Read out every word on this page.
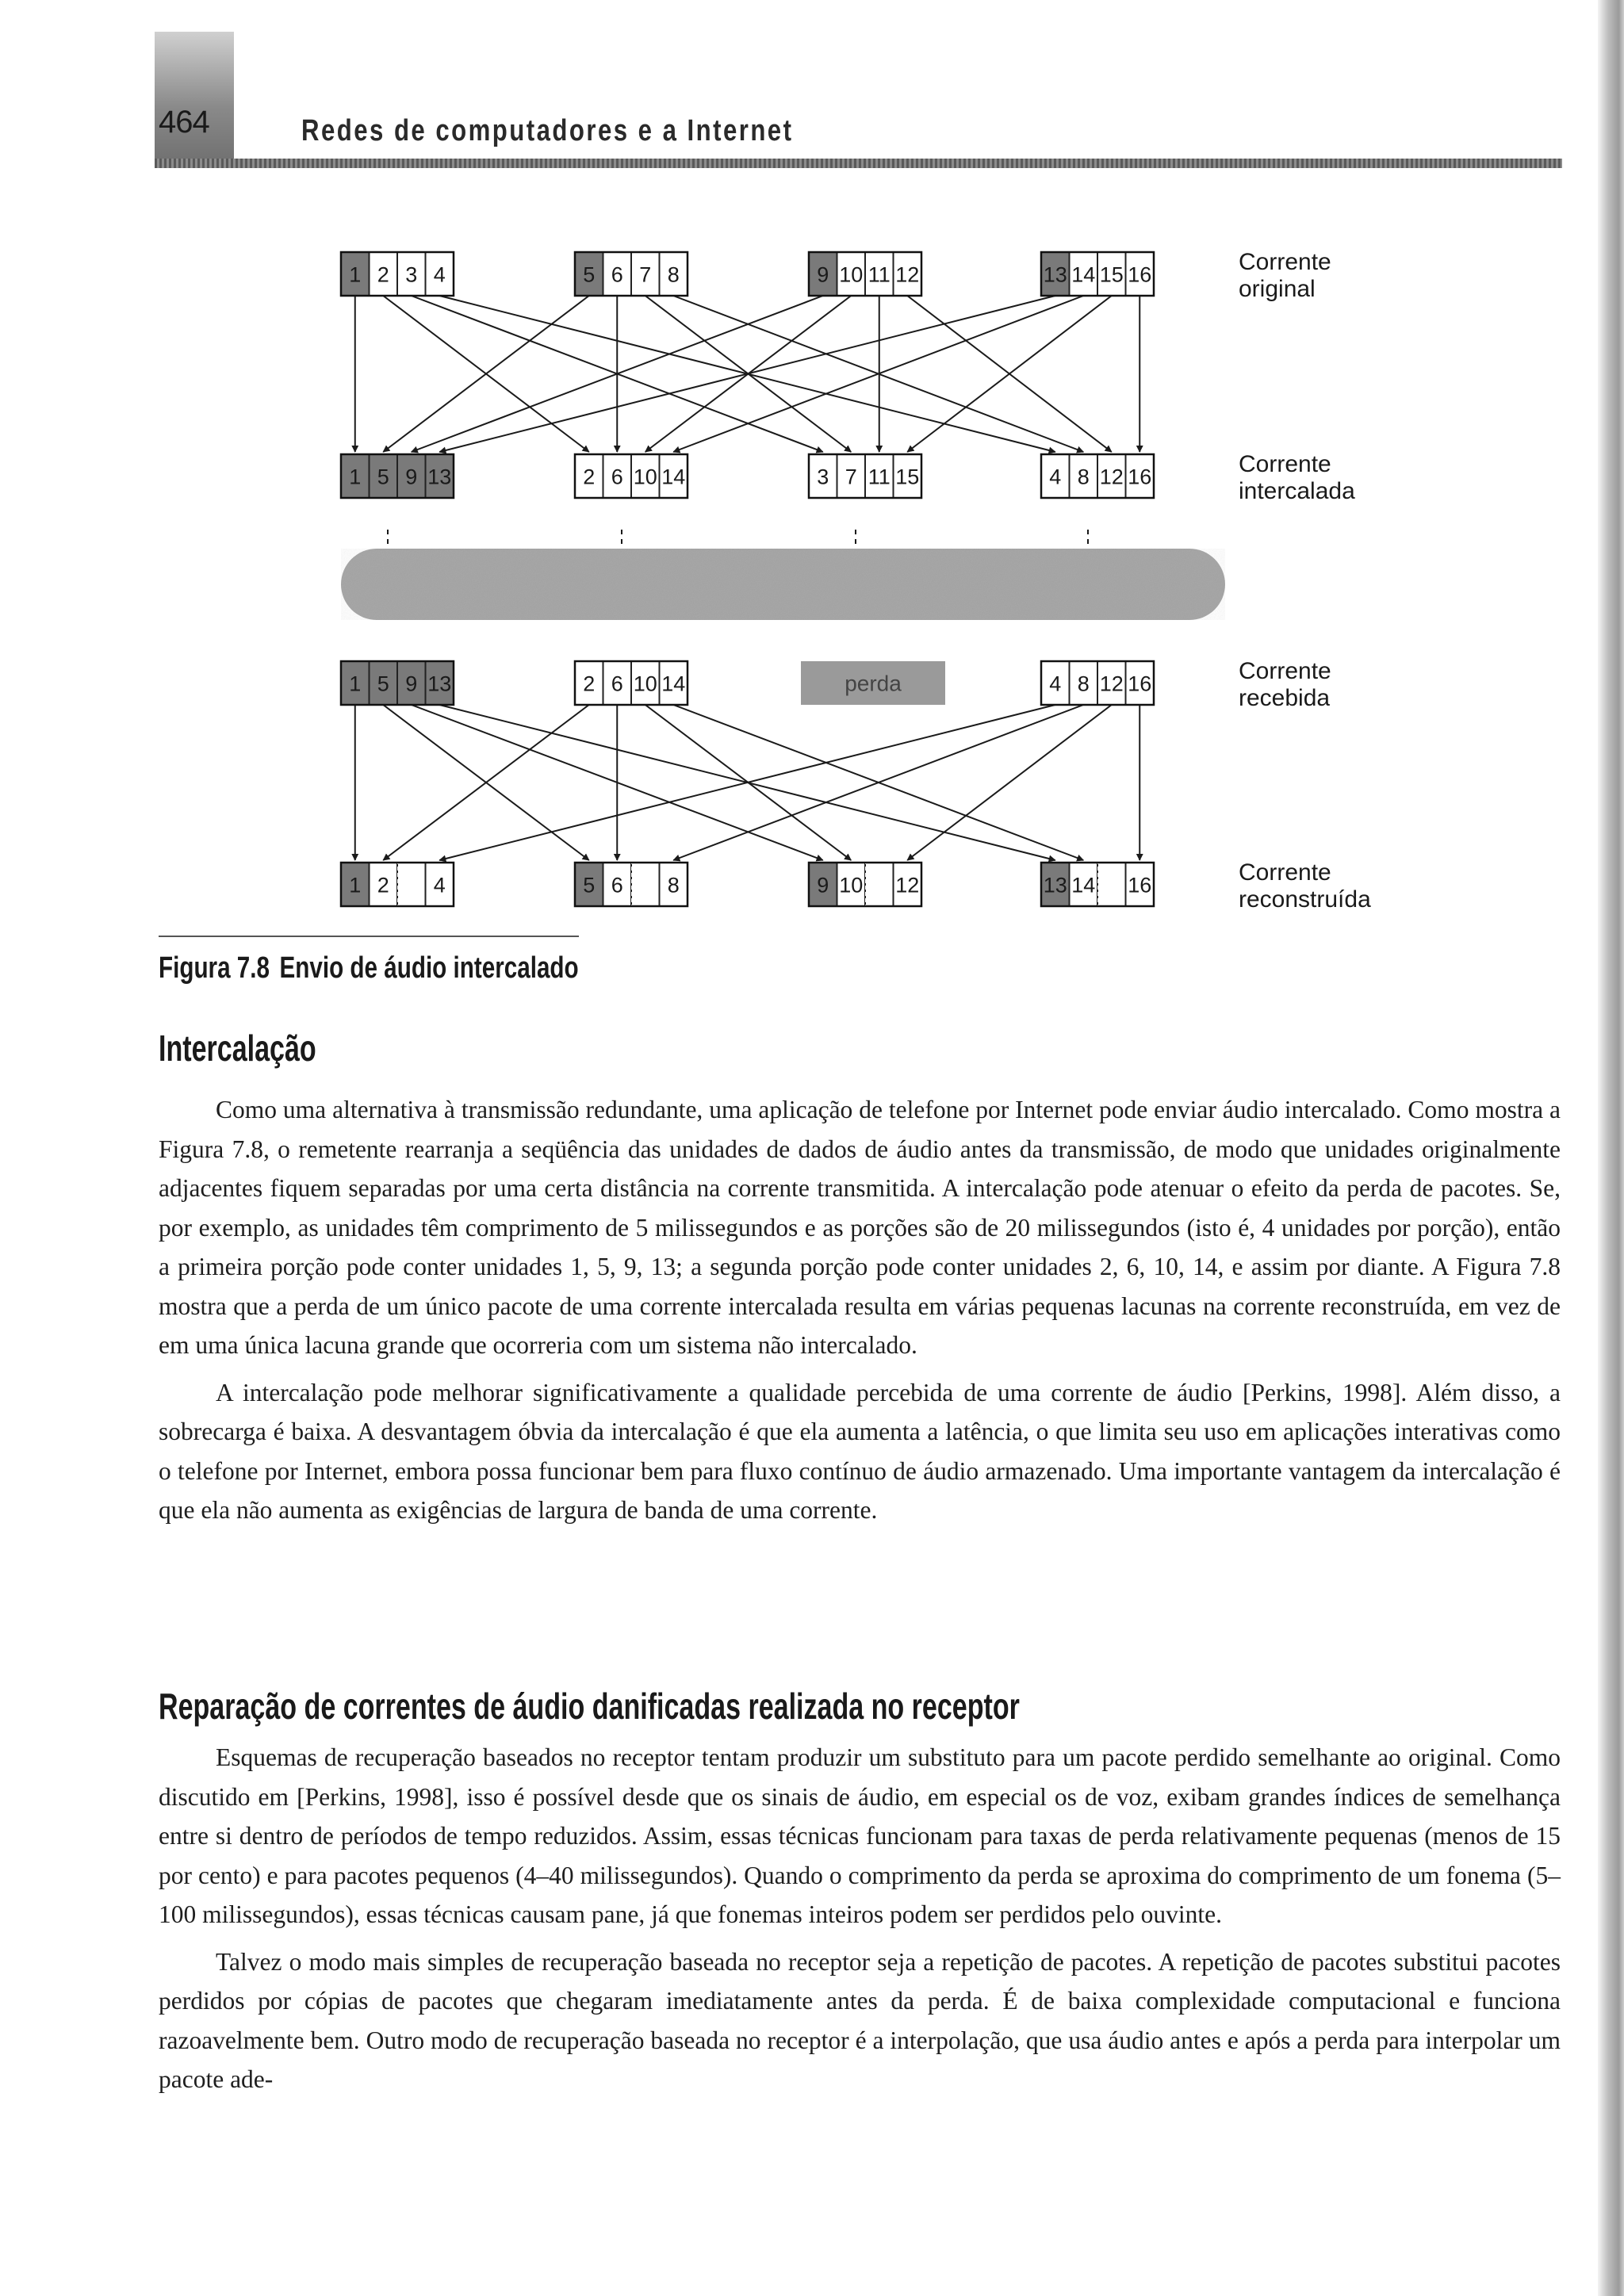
464	Redes de computadores e a Internet
1 2 3 4	5 6 7 8	9 10 11 12	13 14 15 16
1 5 9 13	2 6 10 14	3 7 11 15	4 8 12 16
1 5 9 13	2 6 10 14	perda	4 8 12 16
1 2 4	5 6 8	9 10 12	13 14 16
Corrente
original
Corrente
intercalada
Corrente
recebida
Corrente
reconstruída
Figura 7.8 Envio de áudio intercalado
Intercalação

Como uma alternativa à transmissão redundante, uma aplicação de telefone por Internet pode enviar áudio intercalado. Como mostra a Figura 7.8, o remetente rearranja a seqüência das unidades de dados de áudio antes da transmissão, de modo que unidades originalmente adjacentes fiquem separadas por uma certa distância na corrente transmitida. A intercalação pode atenuar o efeito da perda de pacotes. Se, por exemplo, as unidades têm comprimento de 5 milissegundos e as porções são de 20 milissegundos (isto é, 4 unidades por porção), então a primeira porção pode conter unidades 1, 5, 9, 13; a segunda porção pode conter unidades 2, 6, 10, 14, e assim por diante. A Figura 7.8 mostra que a perda de um único pacote de uma corrente intercalada resulta em várias pequenas lacunas na corrente reconstruída, em vez de em uma única lacuna grande que ocorreria com um sistema não intercalado.

A intercalação pode melhorar significativamente a qualidade percebida de uma corrente de áudio [Perkins, 1998]. Além disso, a sobrecarga é baixa. A desvantagem óbvia da intercalação é que ela aumenta a latência, o que limita seu uso em aplicações interativas como o telefone por Internet, embora possa funcionar bem para fluxo contínuo de áudio armazenado. Uma importante vantagem da intercalação é que ela não aumenta as exigências de largura de banda de uma corrente.

Reparação de correntes de áudio danificadas realizada no receptor

Esquemas de recuperação baseados no receptor tentam produzir um substituto para um pacote perdido semelhante ao original. Como discutido em [Perkins, 1998], isso é possível desde que os sinais de áudio, em especial os de voz, exibam grandes índices de semelhança entre si dentro de períodos de tempo reduzidos. Assim, essas técnicas funcionam para taxas de perda relativamente pequenas (menos de 15 por cento) e para pacotes pequenos (4–40 milissegundos). Quando o comprimento da perda se aproxima do comprimento de um fonema (5–100 milissegundos), essas técnicas causam pane, já que fonemas inteiros podem ser perdidos pelo ouvinte.

Talvez o modo mais simples de recuperação baseada no receptor seja a repetição de pacotes. A repetição de pacotes substitui pacotes perdidos por cópias de pacotes que chegaram imediatamente antes da perda. É de baixa complexidade computacional e funciona razoavelmente bem. Outro modo de recuperação baseada no receptor é a interpolação, que usa áudio antes e após a perda para interpolar um pacote ade-
